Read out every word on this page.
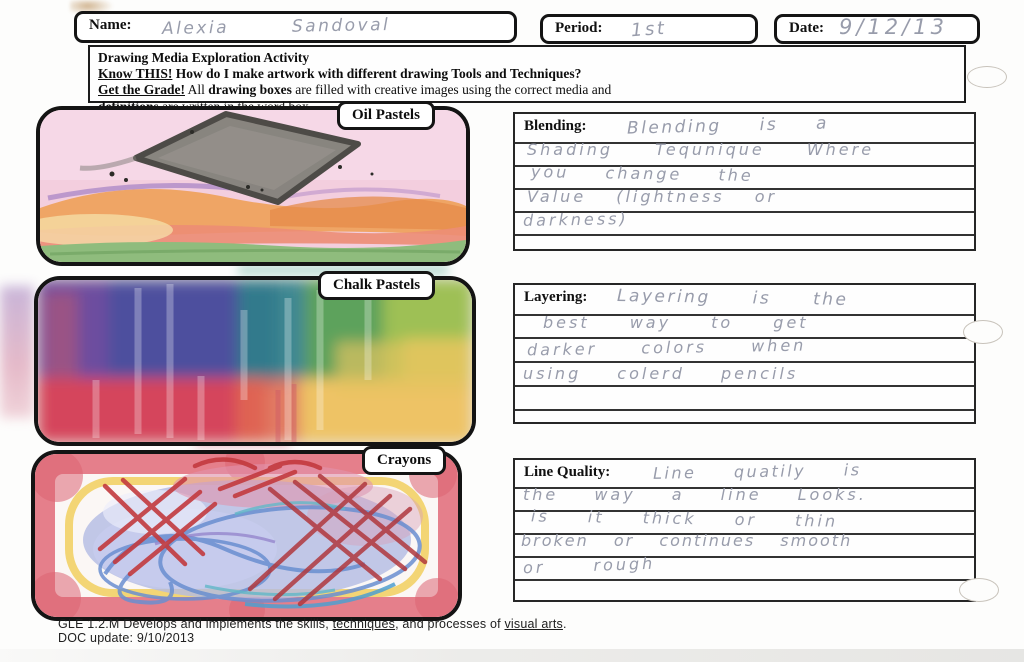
Name: Alexia Sandoval	Period: 1st	Date: 9/12/13
Drawing Media Exploration Activity
Know THIS! How do I make artwork with different drawing Tools and Techniques?
Get the Grade! All drawing boxes are filled with creative images using the correct media and

Oil Pastels
Blending: Blending is a
Shading Tequnique Where
you change the
Value (lightness or
darkness)
Chalk Pastels
Layering: Layering is the
best way to get
darker colors when
using colerd pencils
Crayons
Line Quality:	Line quatily is
the way a line Looks.
is it thick or thin
broken or continues smooth
or rough
GLE 1.2.M Develops and implements the skills, techniques, and processes of visual arts.
DOC update: 9/10/2013
